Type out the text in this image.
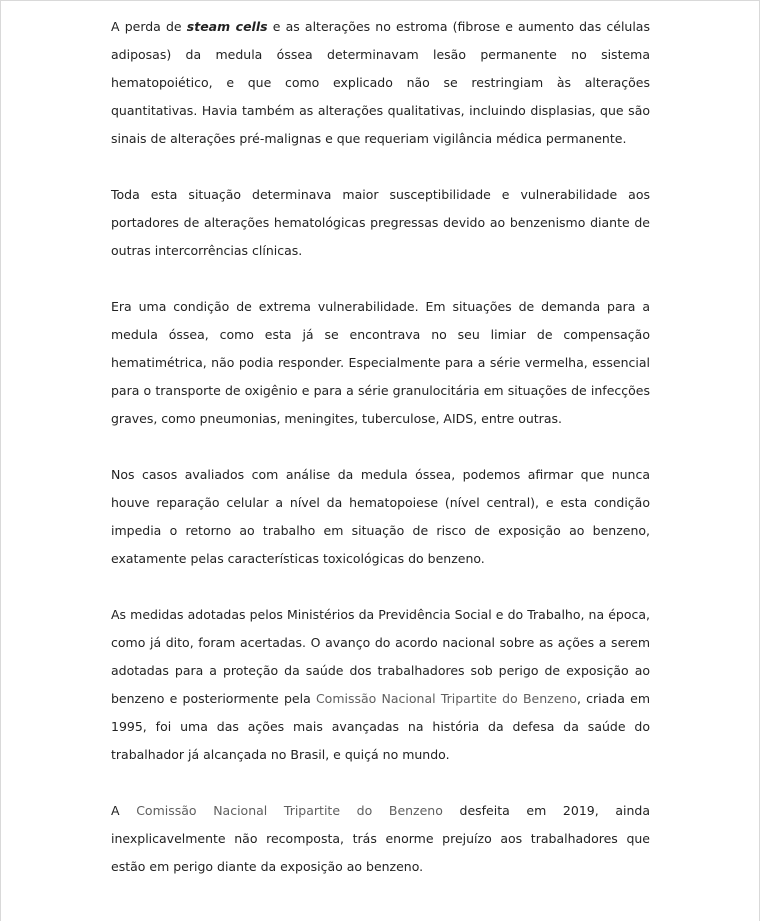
A perda de steam cells e as alterações no estroma (fibrose e aumento das células adiposas) da medula óssea determinavam lesão permanente no sistema hematopoiético, e que como explicado não se restringiam às alterações quantitativas. Havia também as alterações qualitativas, incluindo displasias, que são sinais de alterações pré-malignas e que requeriam vigilância médica permanente.

Toda esta situação determinava maior susceptibilidade e vulnerabilidade aos portadores de alterações hematológicas pregressas devido ao benzenismo diante de outras intercorrências clínicas.

Era uma condição de extrema vulnerabilidade. Em situações de demanda para a medula óssea, como esta já se encontrava no seu limiar de compensação hematimétrica, não podia responder. Especialmente para a série vermelha, essencial para o transporte de oxigênio e para a série granulocitária em situações de infecções graves, como pneumonias, meningites, tuberculose, AIDS, entre outras.

Nos casos avaliados com análise da medula óssea, podemos afirmar que nunca houve reparação celular a nível da hematopoiese (nível central), e esta condição impedia o retorno ao trabalho em situação de risco de exposição ao benzeno, exatamente pelas características toxicológicas do benzeno.

As medidas adotadas pelos Ministérios da Previdência Social e do Trabalho, na época, como já dito, foram acertadas. O avanço do acordo nacional sobre as ações a serem adotadas para a proteção da saúde dos trabalhadores sob perigo de exposição ao benzeno e posteriormente pela Comissão Nacional Tripartite do Benzeno, criada em 1995, foi uma das ações mais avançadas na história da defesa da saúde do trabalhador já alcançada no Brasil, e quiçá no mundo.

A Comissão Nacional Tripartite do Benzeno desfeita em 2019, ainda inexplicavelmente não recomposta, trás enorme prejuízo aos trabalhadores que estão em perigo diante da exposição ao benzeno.
